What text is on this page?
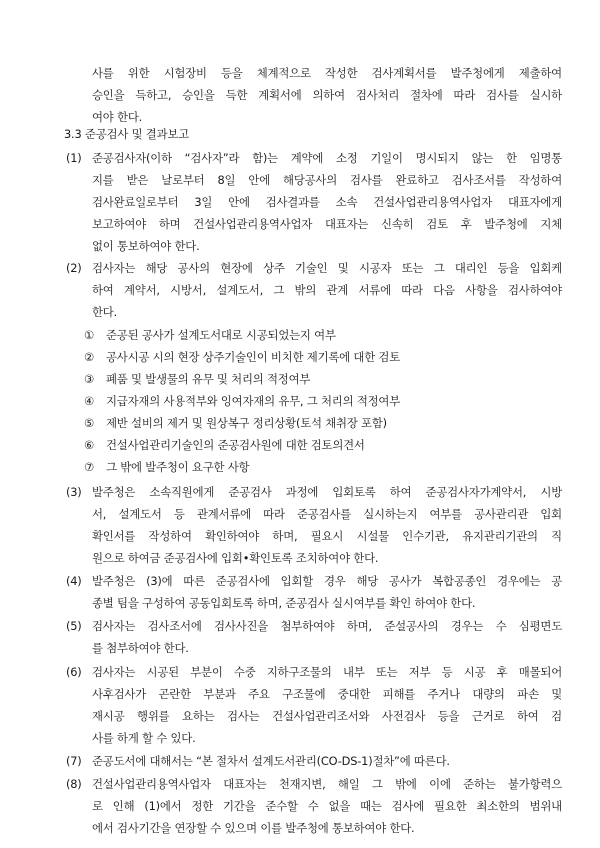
사를 위한 시험장비 등을 체계적으로 작성한 검사계획서를 발주청에게 제출하여
승인을 득하고, 승인을 득한 계획서에 의하여 검사처리 절차에 따라 검사를 실시하
여야 한다.
3.3 준공검사 및 결과보고
(1) 준공검사자(이하 “검사자”라 함)는 계약에 소정 기일이 명시되지 않는 한 임명통
지를 받은 날로부터 8일 안에 해당공사의 검사를 완료하고 검사조서를 작성하여
검사완료일로부터 3일 안에 검사결과를 소속 건설사업관리용역사업자 대표자에게
보고하여야 하며 건설사업관리용역사업자 대표자는 신속히 검토 후 발주청에 지체
없이 통보하여야 한다.
(2) 검사자는 해당 공사의 현장에 상주 기술인 및 시공자 또는 그 대리인 등을 입회케
하여 계약서, 시방서, 설계도서, 그 밖의 관계 서류에 따라 다음 사항을 검사하여야
한다.
① 준공된 공사가 설계도서대로 시공되었는지 여부
② 공사시공 시의 현장 상주기술인이 비치한 제기록에 대한 검토
③ 폐품 및 발생물의 유무 및 처리의 적정여부
④ 지급자재의 사용적부와 잉여자재의 유무, 그 처리의 적정여부
⑤ 제반 설비의 제거 및 원상복구 정리상황(토석 채취장 포함)
⑥ 건설사업관리기술인의 준공검사원에 대한 검토의견서
⑦ 그 밖에 발주청이 요구한 사항
(3) 발주청은 소속직원에게 준공검사 과정에 입회토록 하여 준공검사자가계약서, 시방
서, 설계도서 등 관계서류에 따라 준공검사를 실시하는지 여부를 공사관리관 입회
확인서를 작성하여 확인하여야 하며, 필요시 시설물 인수기관, 유지관리기관의 직
원으로 하여금 준공검사에 입회•확인토록 조치하여야 한다.
(4) 발주청은 (3)에 따른 준공검사에 입회할 경우 해당 공사가 복합공종인 경우에는 공
종별 팀을 구성하여 공동입회토록 하며, 준공검사 실시여부를 확인 하여야 한다.
(5) 검사자는 검사조서에 검사사진을 첨부하여야 하며, 준설공사의 경우는 수 심평면도
를 첨부하여야 한다.
(6) 검사자는 시공된 부분이 수중 지하구조물의 내부 또는 저부 등 시공 후 매몰되어
사후검사가 곤란한 부분과 주요 구조물에 중대한 피해를 주거나 대량의 파손 및
재시공 행위를 요하는 검사는 건설사업관리조서와 사전검사 등을 근거로 하여 검
사를 하게 할 수 있다.
(7) 준공도서에 대해서는 “본 절차서 설계도서관리(CO-DS-1)절차”에 따른다.
(8) 건설사업관리용역사업자 대표자는 천재지변, 해일 그 밖에 이에 준하는 불가항력으
로 인해 (1)에서 정한 기간을 준수할 수 없을 때는 검사에 필요한 최소한의 범위내
에서 검사기간을 연장할 수 있으며 이를 발주청에 통보하여야 한다.
